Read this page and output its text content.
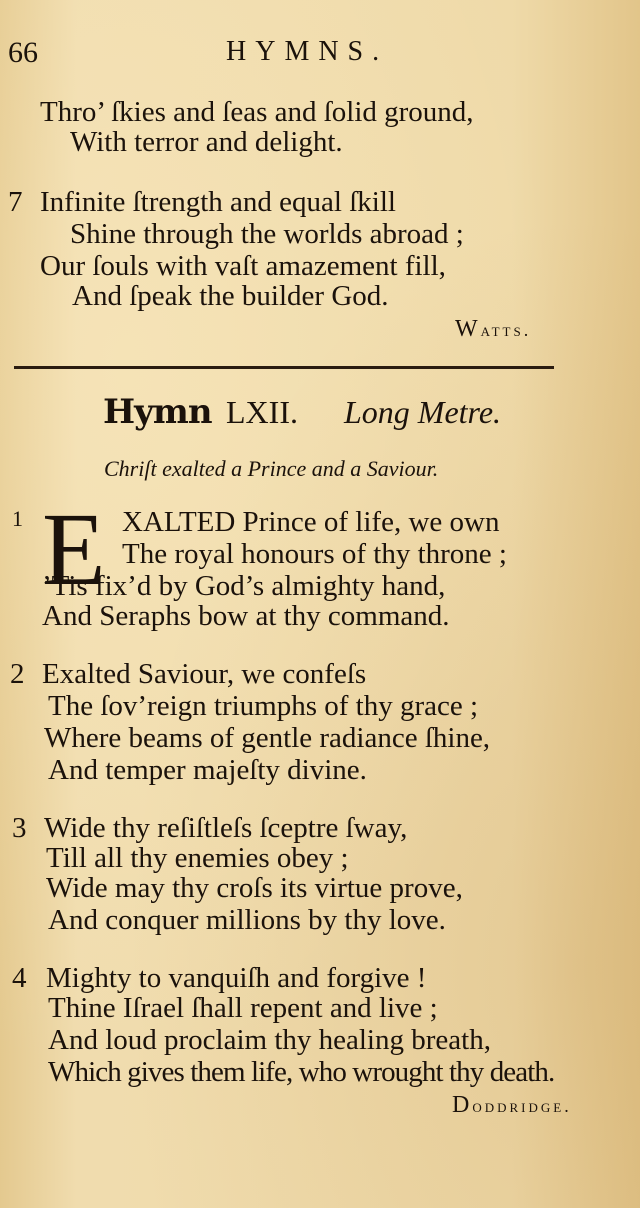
66	HYMNS.
Thro’ ſkies and ſeas and ſolid ground,
With terror and delight.
7 Infinite ſtrength and equal ſkill
Shine through the worlds abroad ;
Our ſouls with vaſt amazement fill,
And ſpeak the builder God.
Watts.
Hymn LXII. Long Metre.
Chriſt exalted a Prince and a Saviour.
1 E XALTED Prince of life, we own
The royal honours of thy throne ;
’Tis fix’d by God’s almighty hand,
And Seraphs bow at thy command.
2 Exalted Saviour, we confeſs
The ſov’reign triumphs of thy grace ;
Where beams of gentle radiance ſhine,
And temper majeſty divine.
3 Wide thy reſiſtleſs ſceptre ſway,
Till all thy enemies obey ;
Wide may thy croſs its virtue prove,
And conquer millions by thy love.
4 Mighty to vanquiſh and forgive !
Thine Iſrael ſhall repent and live ;
And loud proclaim thy healing breath,
Which gives them life, who wrought thy death.
Doddridge.
